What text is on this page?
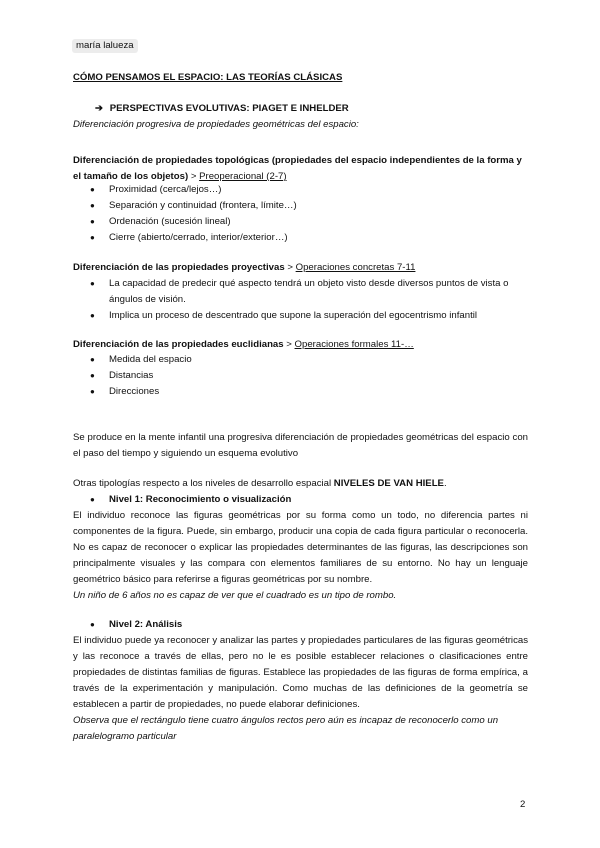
maría lalueza
CÓMO PENSAMOS EL ESPACIO: LAS TEORÍAS CLÁSICAS
➔ PERSPECTIVAS EVOLUTIVAS: PIAGET E INHELDER
Diferenciación progresiva de propiedades geométricas del espacio:
Diferenciación de propiedades topológicas (propiedades del espacio independientes de la forma y el tamaño de los objetos) > Preoperacional (2-7)
● Proximidad (cerca/lejos…)
● Separación y continuidad (frontera, límite…)
● Ordenación (sucesión lineal)
● Cierre (abierto/cerrado, interior/exterior…)
Diferenciación de las propiedades proyectivas > Operaciones concretas 7-11
● La capacidad de predecir qué aspecto tendrá un objeto visto desde diversos puntos de vista o ángulos de visión.
● Implica un proceso de descentrado que supone la superación del egocentrismo infantil
Diferenciación de las propiedades euclidianas > Operaciones formales 11-…
● Medida del espacio
● Distancias
● Direcciones
Se produce en la mente infantil una progresiva diferenciación de propiedades geométricas del espacio con el paso del tiempo y siguiendo un esquema evolutivo
Otras tipologías respecto a los niveles de desarrollo espacial NIVELES DE VAN HIELE.
● Nivel 1: Reconocimiento o visualización
El individuo reconoce las figuras geométricas por su forma como un todo, no diferencia partes ni componentes de la figura. Puede, sin embargo, producir una copia de cada figura particular o reconocerla. No es capaz de reconocer o explicar las propiedades determinantes de las figuras, las descripciones son principalmente visuales y las compara con elementos familiares de su entorno. No hay un lenguaje geométrico básico para referirse a figuras geométricas por su nombre.
Un niño de 6 años no es capaz de ver que el cuadrado es un tipo de rombo.
● Nivel 2: Análisis
El individuo puede ya reconocer y analizar las partes y propiedades particulares de las figuras geométricas y las reconoce a través de ellas, pero no le es posible establecer relaciones o clasificaciones entre propiedades de distintas familias de figuras. Establece las propiedades de las figuras de forma empírica, a través de la experimentación y manipulación. Como muchas de las definiciones de la geometría se establecen a partir de propiedades, no puede elaborar definiciones.
Observa que el rectángulo tiene cuatro ángulos rectos pero aún es incapaz de reconocerlo como un paralelogramo particular
2
